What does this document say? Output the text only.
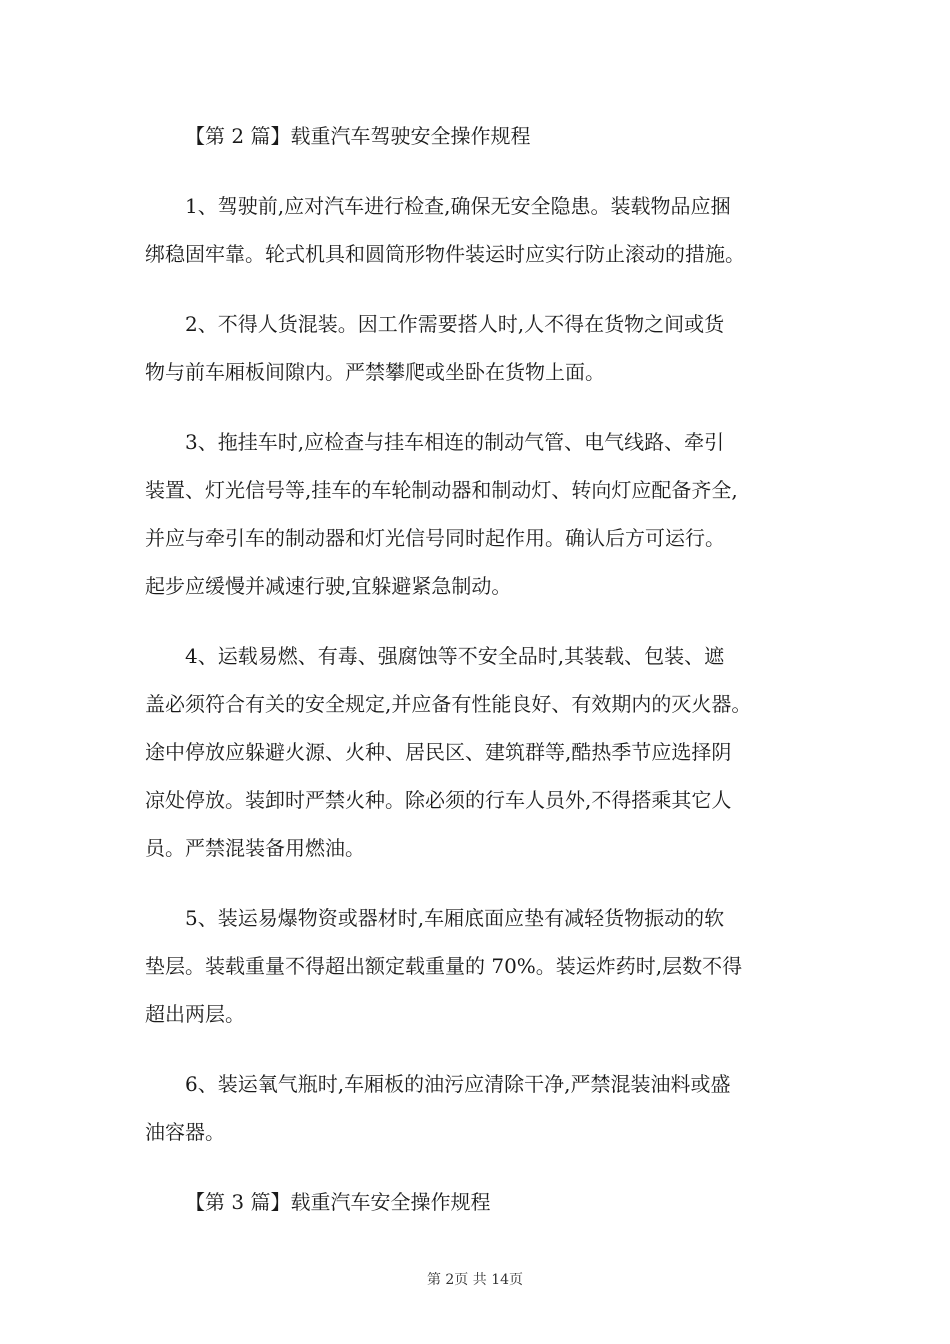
【第 2 篇】载重汽车驾驶安全操作规程
1、驾驶前,应对汽车进行检查,确保无安全隐患。装载物品应捆
绑稳固牢靠。轮式机具和圆筒形物件装运时应实行防止滚动的措施。
2、不得人货混装。因工作需要搭人时,人不得在货物之间或货
物与前车厢板间隙内。严禁攀爬或坐卧在货物上面。
3、拖挂车时,应检查与挂车相连的制动气管、电气线路、牵引
装置、灯光信号等,挂车的车轮制动器和制动灯、转向灯应配备齐全,
并应与牵引车的制动器和灯光信号同时起作用。确认后方可运行。
起步应缓慢并减速行驶,宜躲避紧急制动。
4、运载易燃、有毒、强腐蚀等不安全品时,其装载、包装、遮
盖必须符合有关的安全规定,并应备有性能良好、有效期内的灭火器。
途中停放应躲避火源、火种、居民区、建筑群等,酷热季节应选择阴
凉处停放。装卸时严禁火种。除必须的行车人员外,不得搭乘其它人
员。严禁混装备用燃油。
5、装运易爆物资或器材时,车厢底面应垫有减轻货物振动的软
垫层。装载重量不得超出额定载重量的 70%。装运炸药时,层数不得
超出两层。
6、装运氧气瓶时,车厢板的油污应清除干净,严禁混装油料或盛
油容器。
【第 3 篇】载重汽车安全操作规程
第 2页 共 14页
